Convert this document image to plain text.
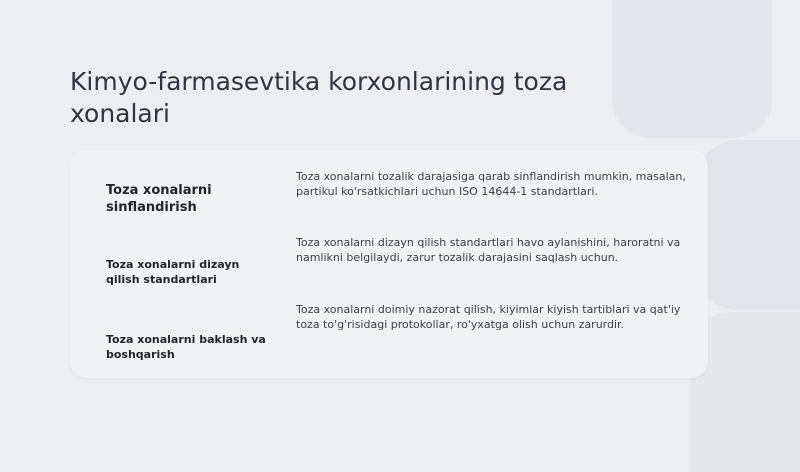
Kimyo-farmasevtika korxonlarining toza xonalari
Toza xonalarni sinflandirish
Toza xonalarni tozalik darajasiga qarab sinflandirish mumkin, masalan, partikul ko'rsatkichlari uchun ISO 14644-1 standartlari.
Toza xonalarni dizayn qilish standartlari
Toza xonalarni dizayn qilish standartlari havo aylanishini, haroratni va namlikni belgilaydi, zarur tozalik darajasini saqlash uchun.
Toza xonalarni baklash va boshqarish
Toza xonalarni doimiy nazorat qilish, kiyimlar kiyish tartiblari va qat'iy toza to'g'risidagi protokollar, ro'yxatga olish uchun zarurdir.
